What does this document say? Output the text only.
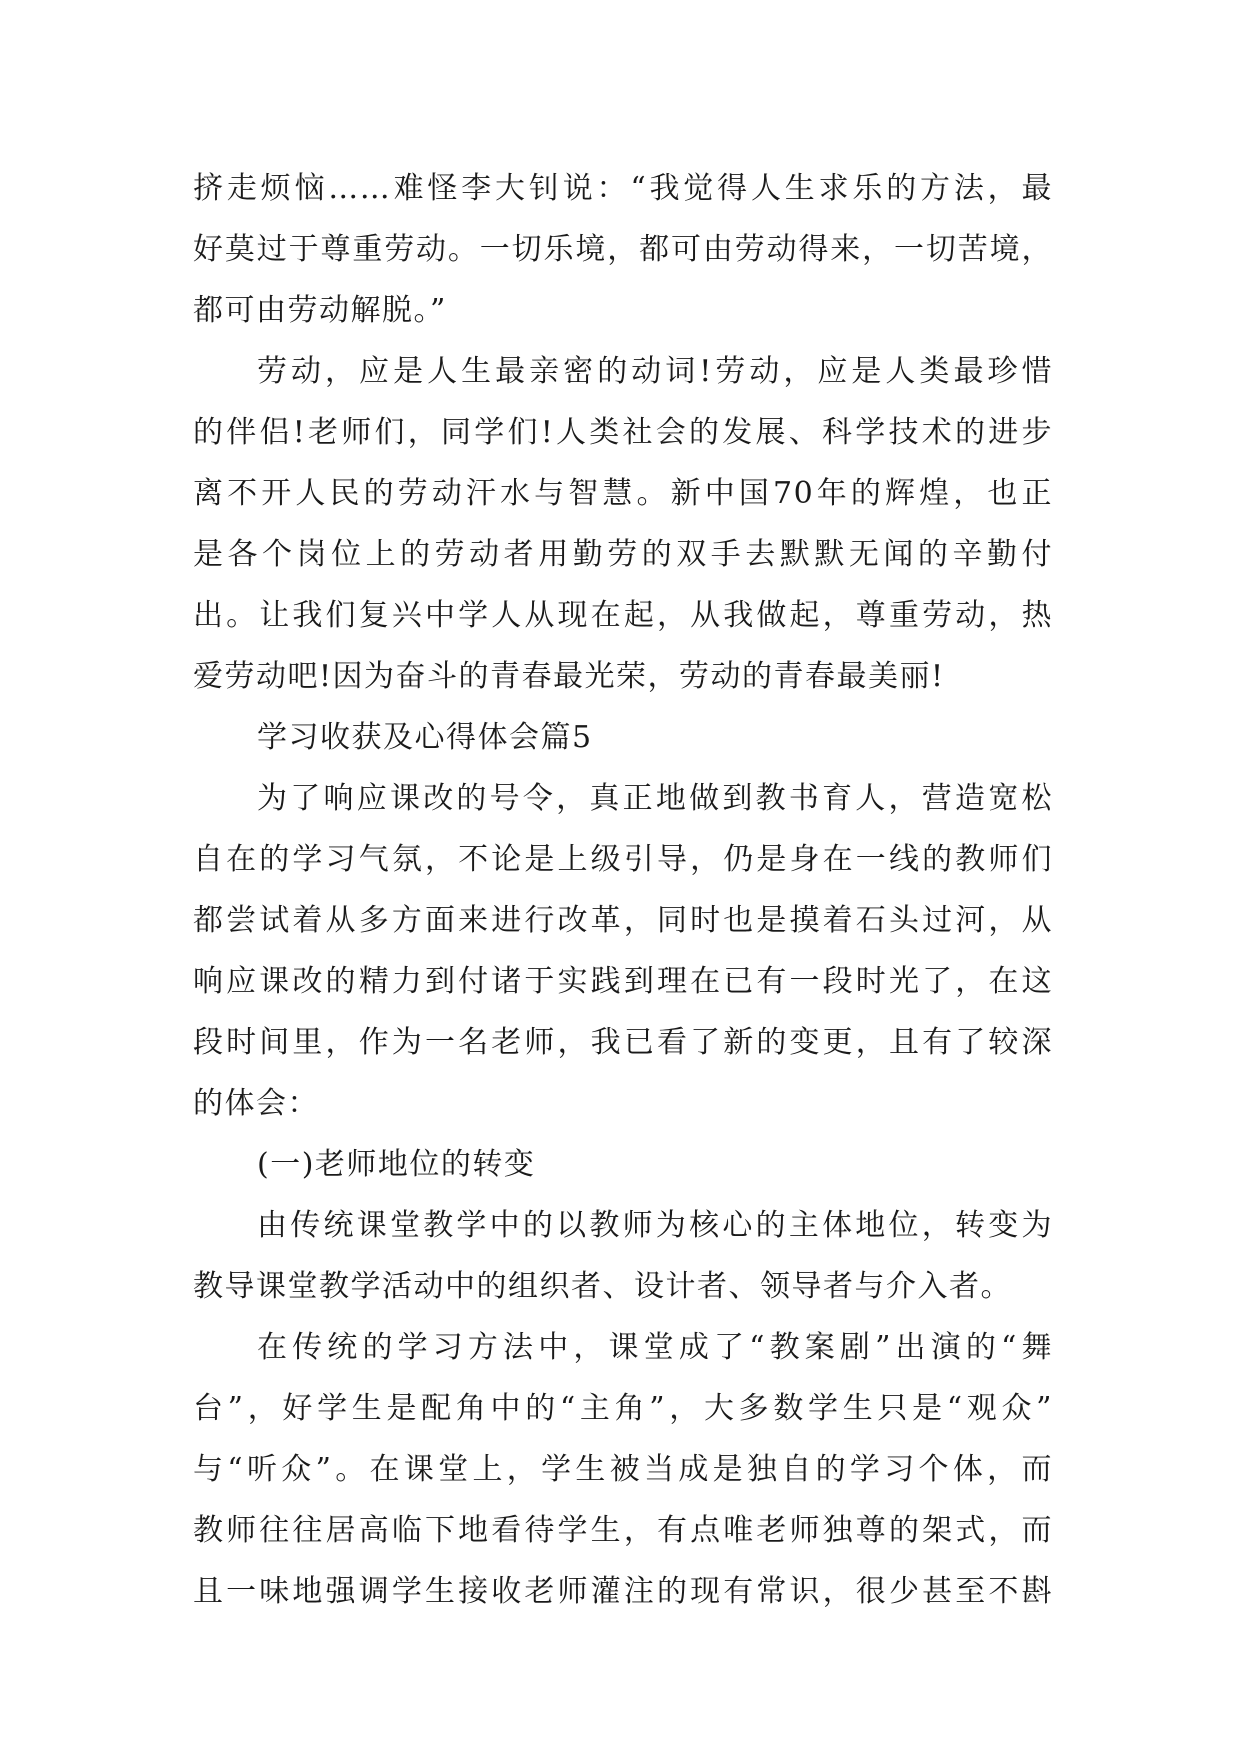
挤走烦恼……难怪李大钊说：“我觉得人生求乐的方法，最
好莫过于尊重劳动。一切乐境，都可由劳动得来，一切苦境，
都可由劳动解脱。”
劳动，应是人生最亲密的动词!劳动，应是人类最珍惜
的伴侣!老师们，同学们!人类社会的发展、科学技术的进步
离不开人民的劳动汗水与智慧。新中国70年的辉煌，也正
是各个岗位上的劳动者用勤劳的双手去默默无闻的辛勤付
出。让我们复兴中学人从现在起，从我做起，尊重劳动，热
爱劳动吧!因为奋斗的青春最光荣，劳动的青春最美丽!
学习收获及心得体会篇5
为了响应课改的号令，真正地做到教书育人，营造宽松
自在的学习气氛，不论是上级引导，仍是身在一线的教师们
都尝试着从多方面来进行改革，同时也是摸着石头过河，从
响应课改的精力到付诸于实践到理在已有一段时光了，在这
段时间里，作为一名老师，我已看了新的变更，且有了较深
的体会：
(一)老师地位的转变
由传统课堂教学中的以教师为核心的主体地位，转变为
教导课堂教学活动中的组织者、设计者、领导者与介入者。
在传统的学习方法中，课堂成了“教案剧”出演的“舞
台”，好学生是配角中的“主角”，大多数学生只是“观众”
与“听众”。在课堂上，学生被当成是独自的学习个体，而
教师往往居高临下地看待学生，有点唯老师独尊的架式，而
且一味地强调学生接收老师灌注的现有常识，很少甚至不斟
